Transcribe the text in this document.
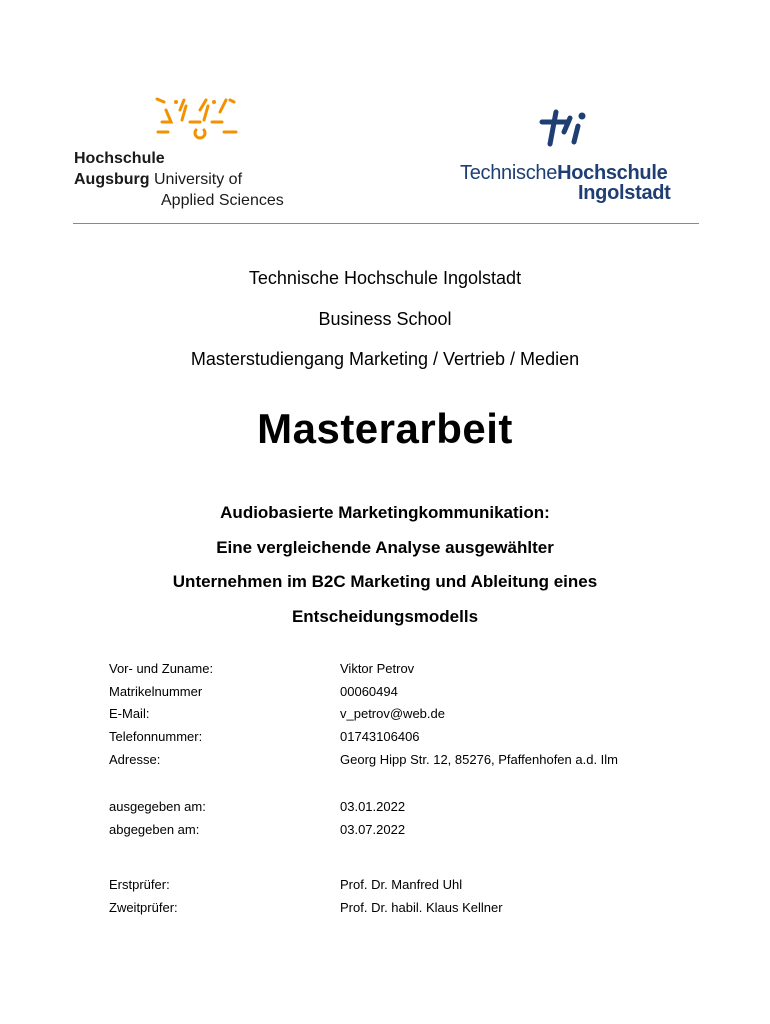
Hochschule
Augsburg University of
Applied Sciences
TechnischeHochschule
Ingolstadt
Technische Hochschule Ingolstadt
Business School
Masterstudiengang Marketing / Vertrieb / Medien
Masterarbeit
Audiobasierte Marketingkommunikation:
Eine vergleichende Analyse ausgewählter
Unternehmen im B2C Marketing und Ableitung eines
Entscheidungsmodells
Vor- und Zuname:	Viktor Petrov
Matrikelnummer	00060494
E-Mail:	v_petrov@web.de
Telefonnummer:	01743106406
Adresse:	Georg Hipp Str. 12, 85276, Pfaffenhofen a.d. Ilm
ausgegeben am:	03.01.2022
abgegeben am:	03.07.2022
Erstprüfer:	Prof. Dr. Manfred Uhl
Zweitprüfer:	Prof. Dr. habil. Klaus Kellner
